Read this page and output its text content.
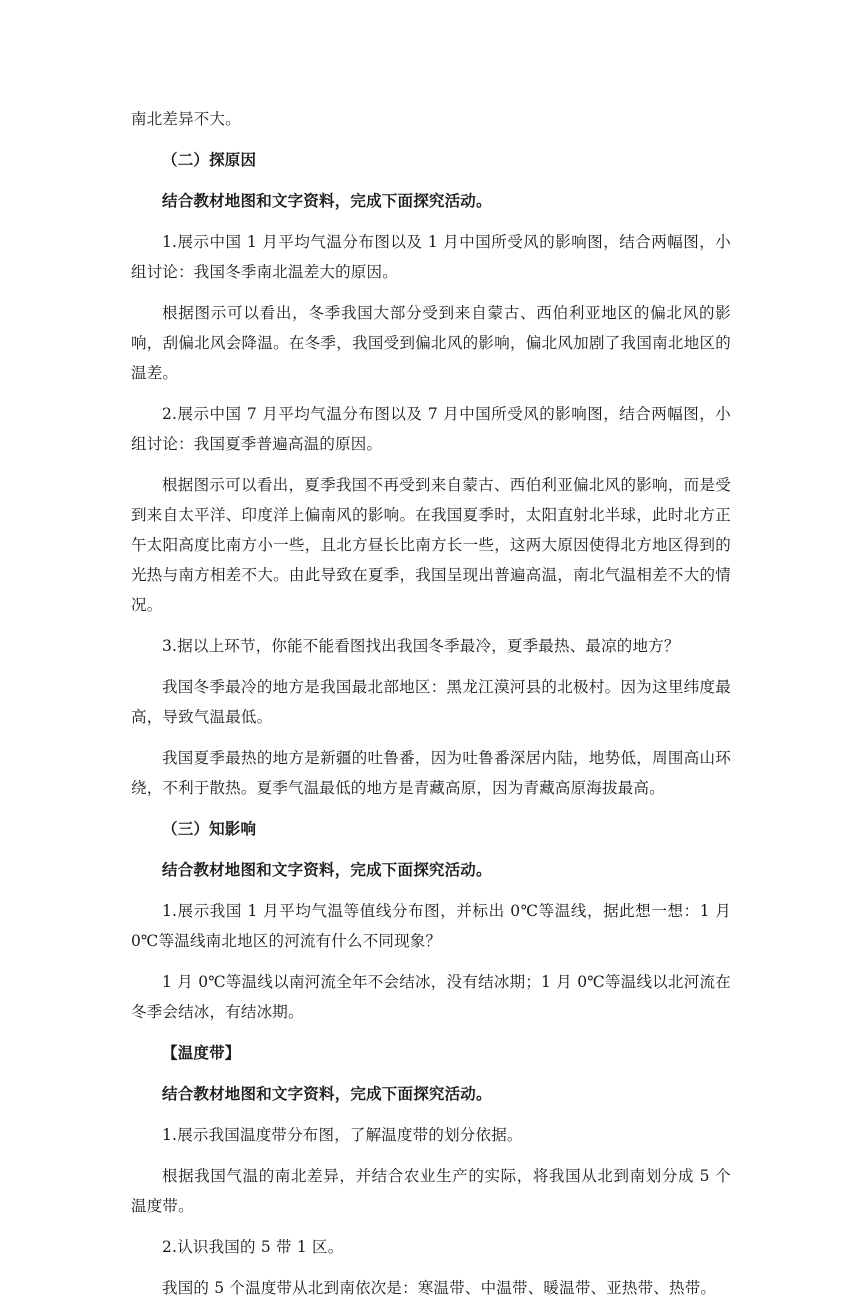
南北差异不大。

（二）探原因

结合教材地图和文字资料，完成下面探究活动。

1.展示中国 1 月平均气温分布图以及 1 月中国所受风的影响图，结合两幅图，小组讨论：我国冬季南北温差大的原因。

根据图示可以看出，冬季我国大部分受到来自蒙古、西伯利亚地区的偏北风的影响，刮偏北风会降温。在冬季，我国受到偏北风的影响，偏北风加剧了我国南北地区的温差。

2.展示中国 7 月平均气温分布图以及 7 月中国所受风的影响图，结合两幅图，小组讨论：我国夏季普遍高温的原因。

根据图示可以看出，夏季我国不再受到来自蒙古、西伯利亚偏北风的影响，而是受到来自太平洋、印度洋上偏南风的影响。在我国夏季时，太阳直射北半球，此时北方正午太阳高度比南方小一些，且北方昼长比南方长一些，这两大原因使得北方地区得到的光热与南方相差不大。由此导致在夏季，我国呈现出普遍高温，南北气温相差不大的情况。

3.据以上环节，你能不能看图找出我国冬季最冷，夏季最热、最凉的地方？

我国冬季最冷的地方是我国最北部地区：黑龙江漠河县的北极村。因为这里纬度最高，导致气温最低。

我国夏季最热的地方是新疆的吐鲁番，因为吐鲁番深居内陆，地势低，周围高山环绕，不利于散热。夏季气温最低的地方是青藏高原，因为青藏高原海拔最高。

（三）知影响

结合教材地图和文字资料，完成下面探究活动。

1.展示我国 1 月平均气温等值线分布图，并标出 0℃等温线，据此想一想：1 月 0℃等温线南北地区的河流有什么不同现象？

1 月 0℃等温线以南河流全年不会结冰，没有结冰期；1 月 0℃等温线以北河流在冬季会结冰，有结冰期。

【温度带】

结合教材地图和文字资料，完成下面探究活动。

1.展示我国温度带分布图，了解温度带的划分依据。

根据我国气温的南北差异，并结合农业生产的实际，将我国从北到南划分成 5 个温度带。

2.认识我国的 5 带 1 区。

我国的 5 个温度带从北到南依次是：寒温带、中温带、暖温带、亚热带、热带。
